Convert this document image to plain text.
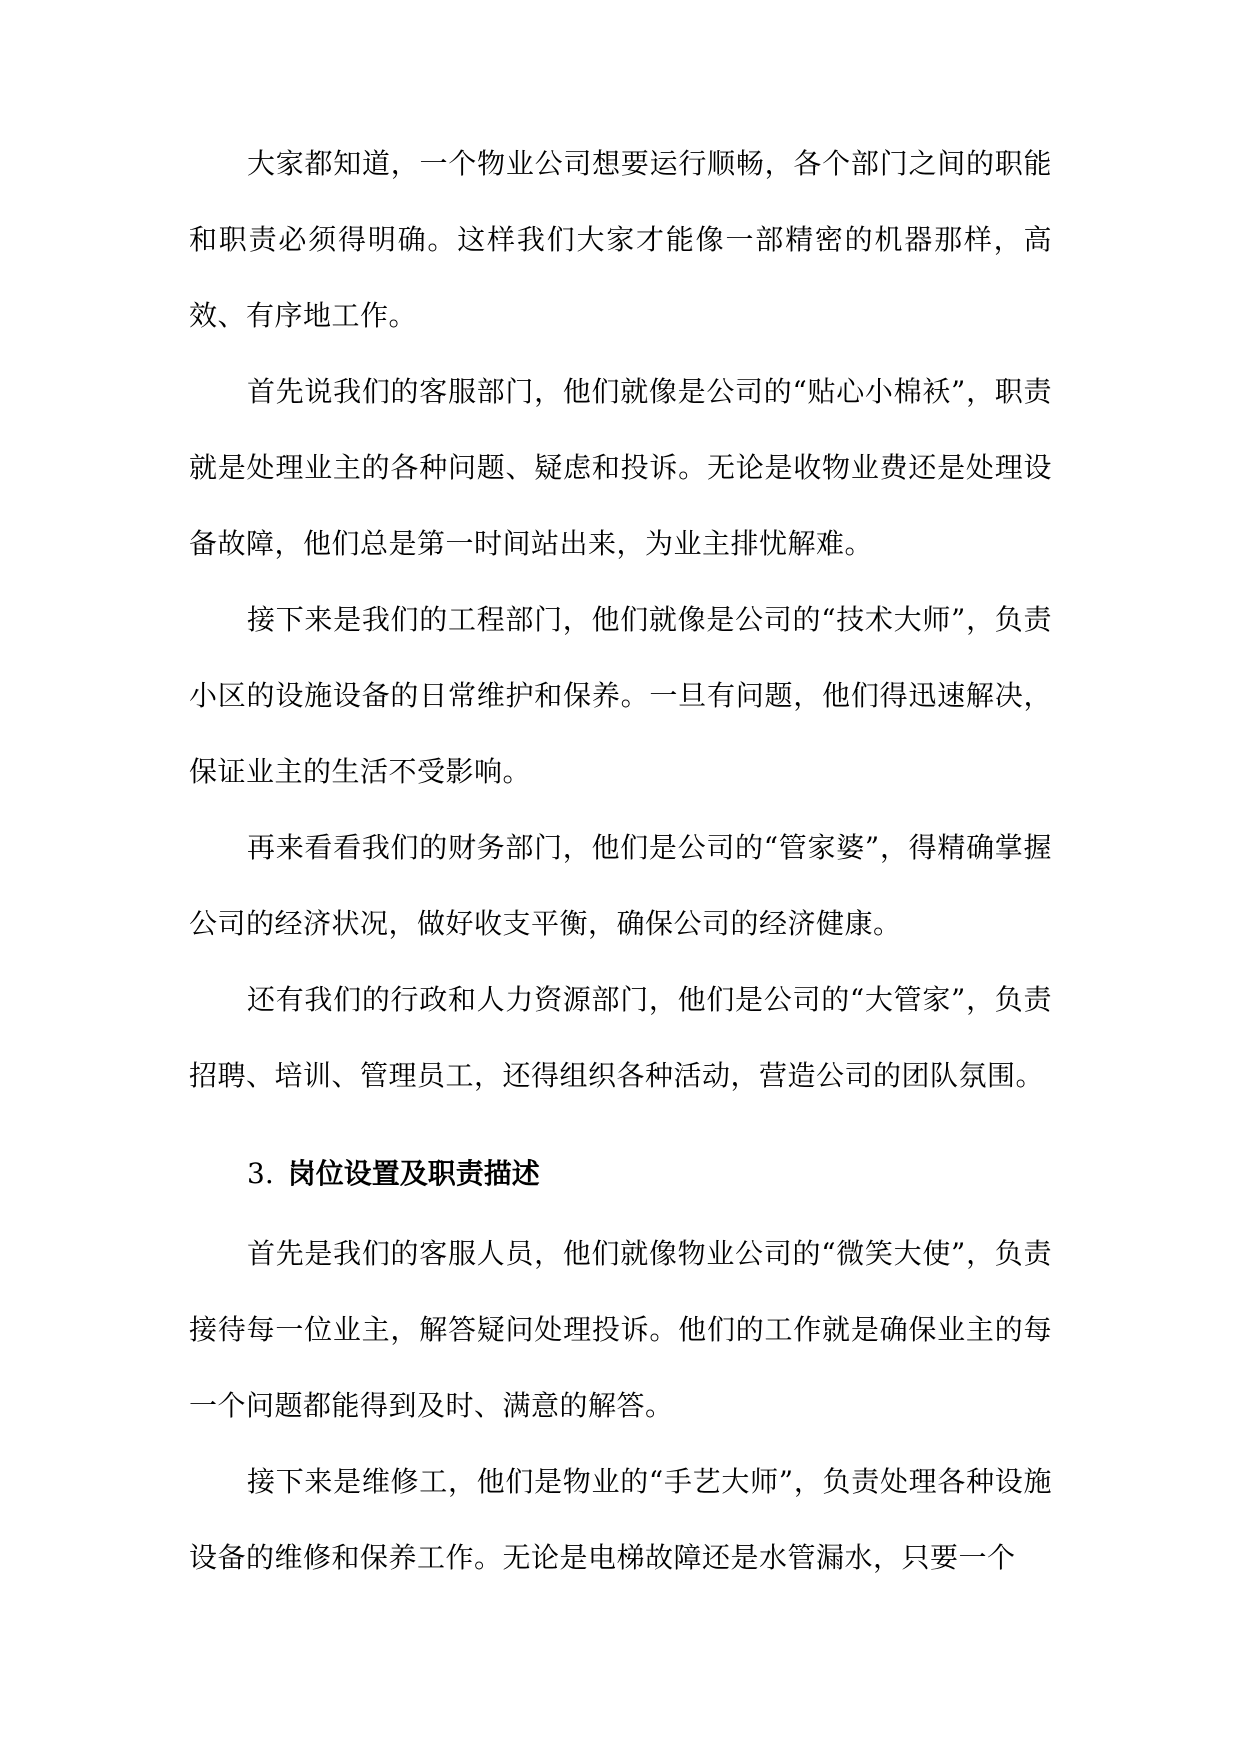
大家都知道，一个物业公司想要运行顺畅，各个部门之间的职能和职责必须得明确。这样我们大家才能像一部精密的机器那样，高效、有序地工作。

首先说我们的客服部门，他们就像是公司的“贴心小棉袄”，职责就是处理业主的各种问题、疑虑和投诉。无论是收物业费还是处理设备故障，他们总是第一时间站出来，为业主排忧解难。

接下来是我们的工程部门，他们就像是公司的“技术大师”，负责小区的设施设备的日常维护和保养。一旦有问题，他们得迅速解决，保证业主的生活不受影响。

再来看看我们的财务部门，他们是公司的“管家婆”，得精确掌握公司的经济状况，做好收支平衡，确保公司的经济健康。

还有我们的行政和人力资源部门，他们是公司的“大管家”，负责招聘、培训、管理员工，还得组织各种活动，营造公司的团队氛围。

3. 岗位设置及职责描述

首先是我们的客服人员，他们就像物业公司的“微笑大使”，负责接待每一位业主，解答疑问处理投诉。他们的工作就是确保业主的每一个问题都能得到及时、满意的解答。

接下来是维修工，他们是物业的“手艺大师”，负责处理各种设施设备的维修和保养工作。无论是电梯故障还是水管漏水，只要一个
